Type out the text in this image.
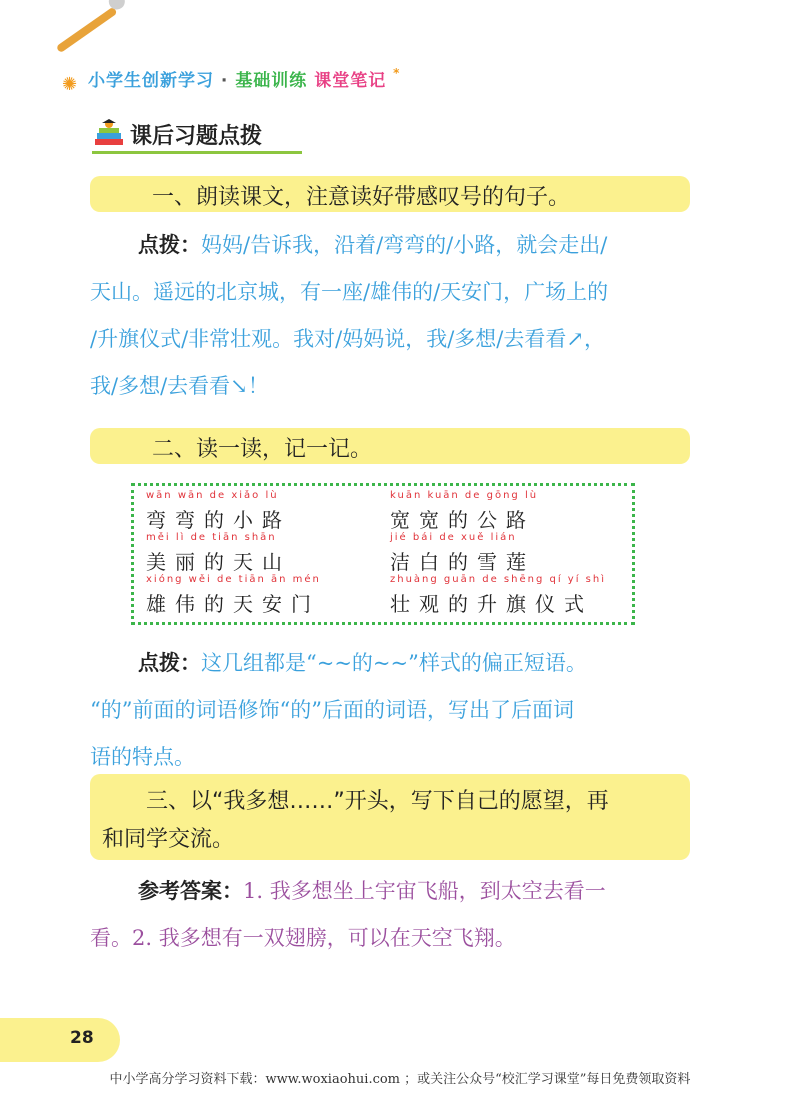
✺ 小学生创新学习 · 基础训练 课堂笔记 *
课后习题点拨
一、朗读课文，注意读好带感叹号的句子。
点拨：妈妈/告诉我，沿着/弯弯的/小路，就会走出/
天山。遥远的北京城，有一座/雄伟的/天安门，广场上的
/升旗仪式/非常壮观。我对/妈妈说，我/多想/去看看↗，
我/多想/去看看↘！
二、读一读，记一记。
wān wān de xiǎo lù
弯弯的小路
kuān kuān de gōng lù
宽宽的公路
měi lì de tiān shān
美丽的天山
jié bái de xuě lián
洁白的雪莲
xióng wěi de tiān ān mén
雄伟的天安门
zhuàng guān de shēng qí yí shì
壮观的升旗仪式
点拨：这几组都是“~~的~~”样式的偏正短语。
“的”前面的词语修饰“的”后面的词语，写出了后面词
语的特点。
三、以“我多想……”开头，写下自己的愿望，再
和同学交流。
参考答案：1. 我多想坐上宇宙飞船，到太空去看一
看。2. 我多想有一双翅膀，可以在天空飞翔。
28
中小学高分学习资料下载：www.woxiaohui.com ；或关注公众号“校汇学习课堂”每日免费领取资料
